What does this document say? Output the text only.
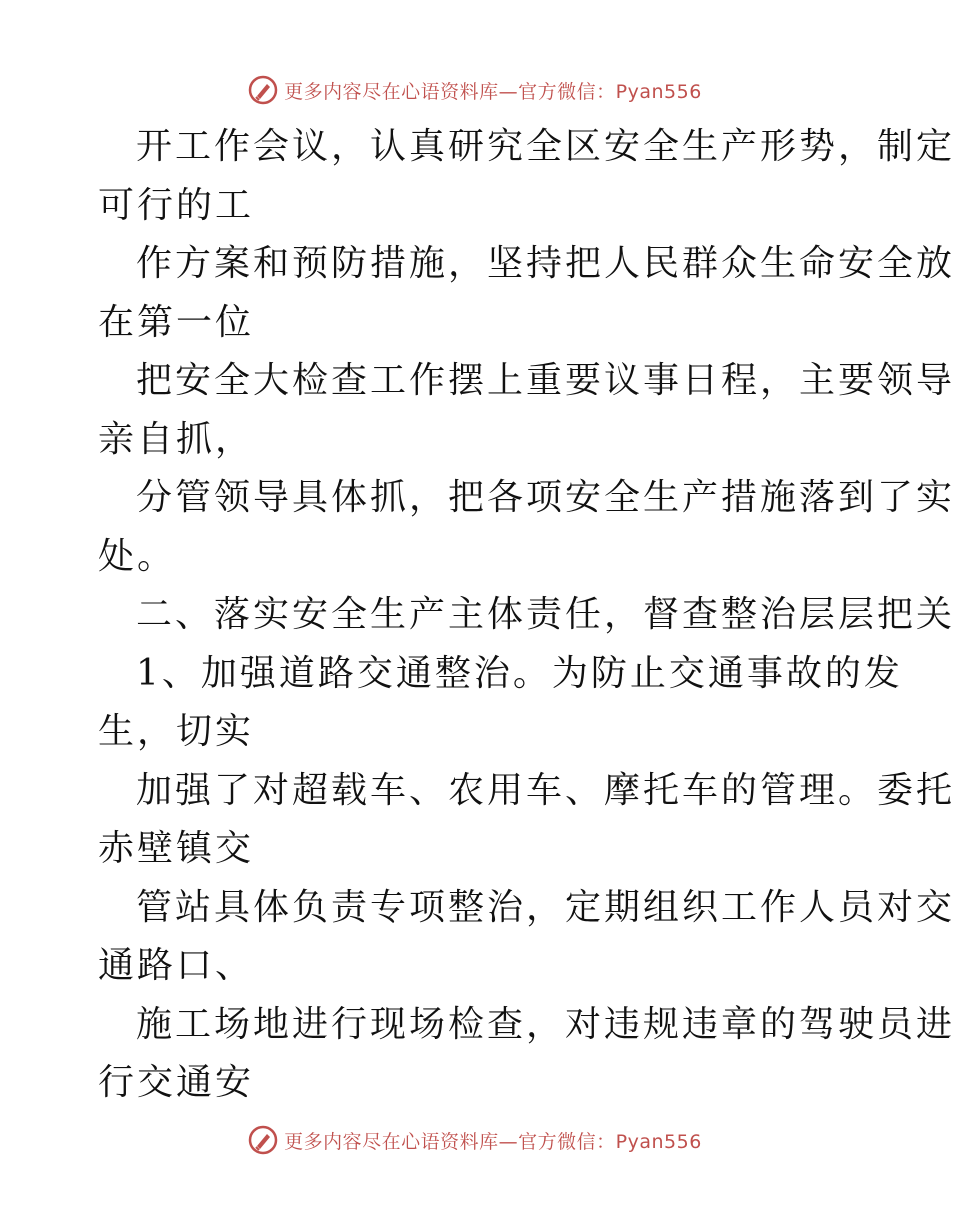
更多内容尽在心语资料库—官方微信：Pyan556
开工作会议，认真研究全区安全生产形势，制定
可行的工
作方案和预防措施，坚持把人民群众生命安全放
在第一位
把安全大检查工作摆上重要议事日程，主要领导
亲自抓，
分管领导具体抓，把各项安全生产措施落到了实
处。
二、落实安全生产主体责任，督查整治层层把关
1、加强道路交通整治。为防止交通事故的发
生，切实
加强了对超载车、农用车、摩托车的管理。委托
赤壁镇交
管站具体负责专项整治，定期组织工作人员对交
通路口、
施工场地进行现场检查，对违规违章的驾驶员进
行交通安
更多内容尽在心语资料库—官方微信：Pyan556
